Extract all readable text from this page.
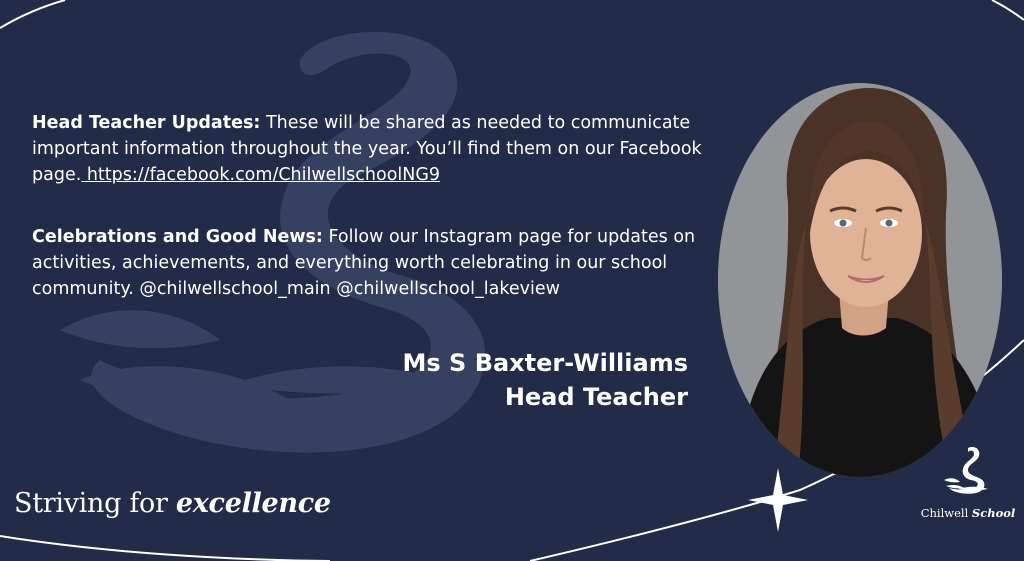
Head Teacher Updates: These will be shared as needed to communicate important information throughout the year. You’ll find them on our Facebook page. https://facebook.com/ChilwellschoolNG9

Celebrations and Good News: Follow our Instagram page for updates on activities, achievements, and everything worth celebrating in our school community. @chilwellschool_main @chilwellschool_lakeview

Ms S Baxter-Williams
Head Teacher
Striving for excellence	Chilwell School
